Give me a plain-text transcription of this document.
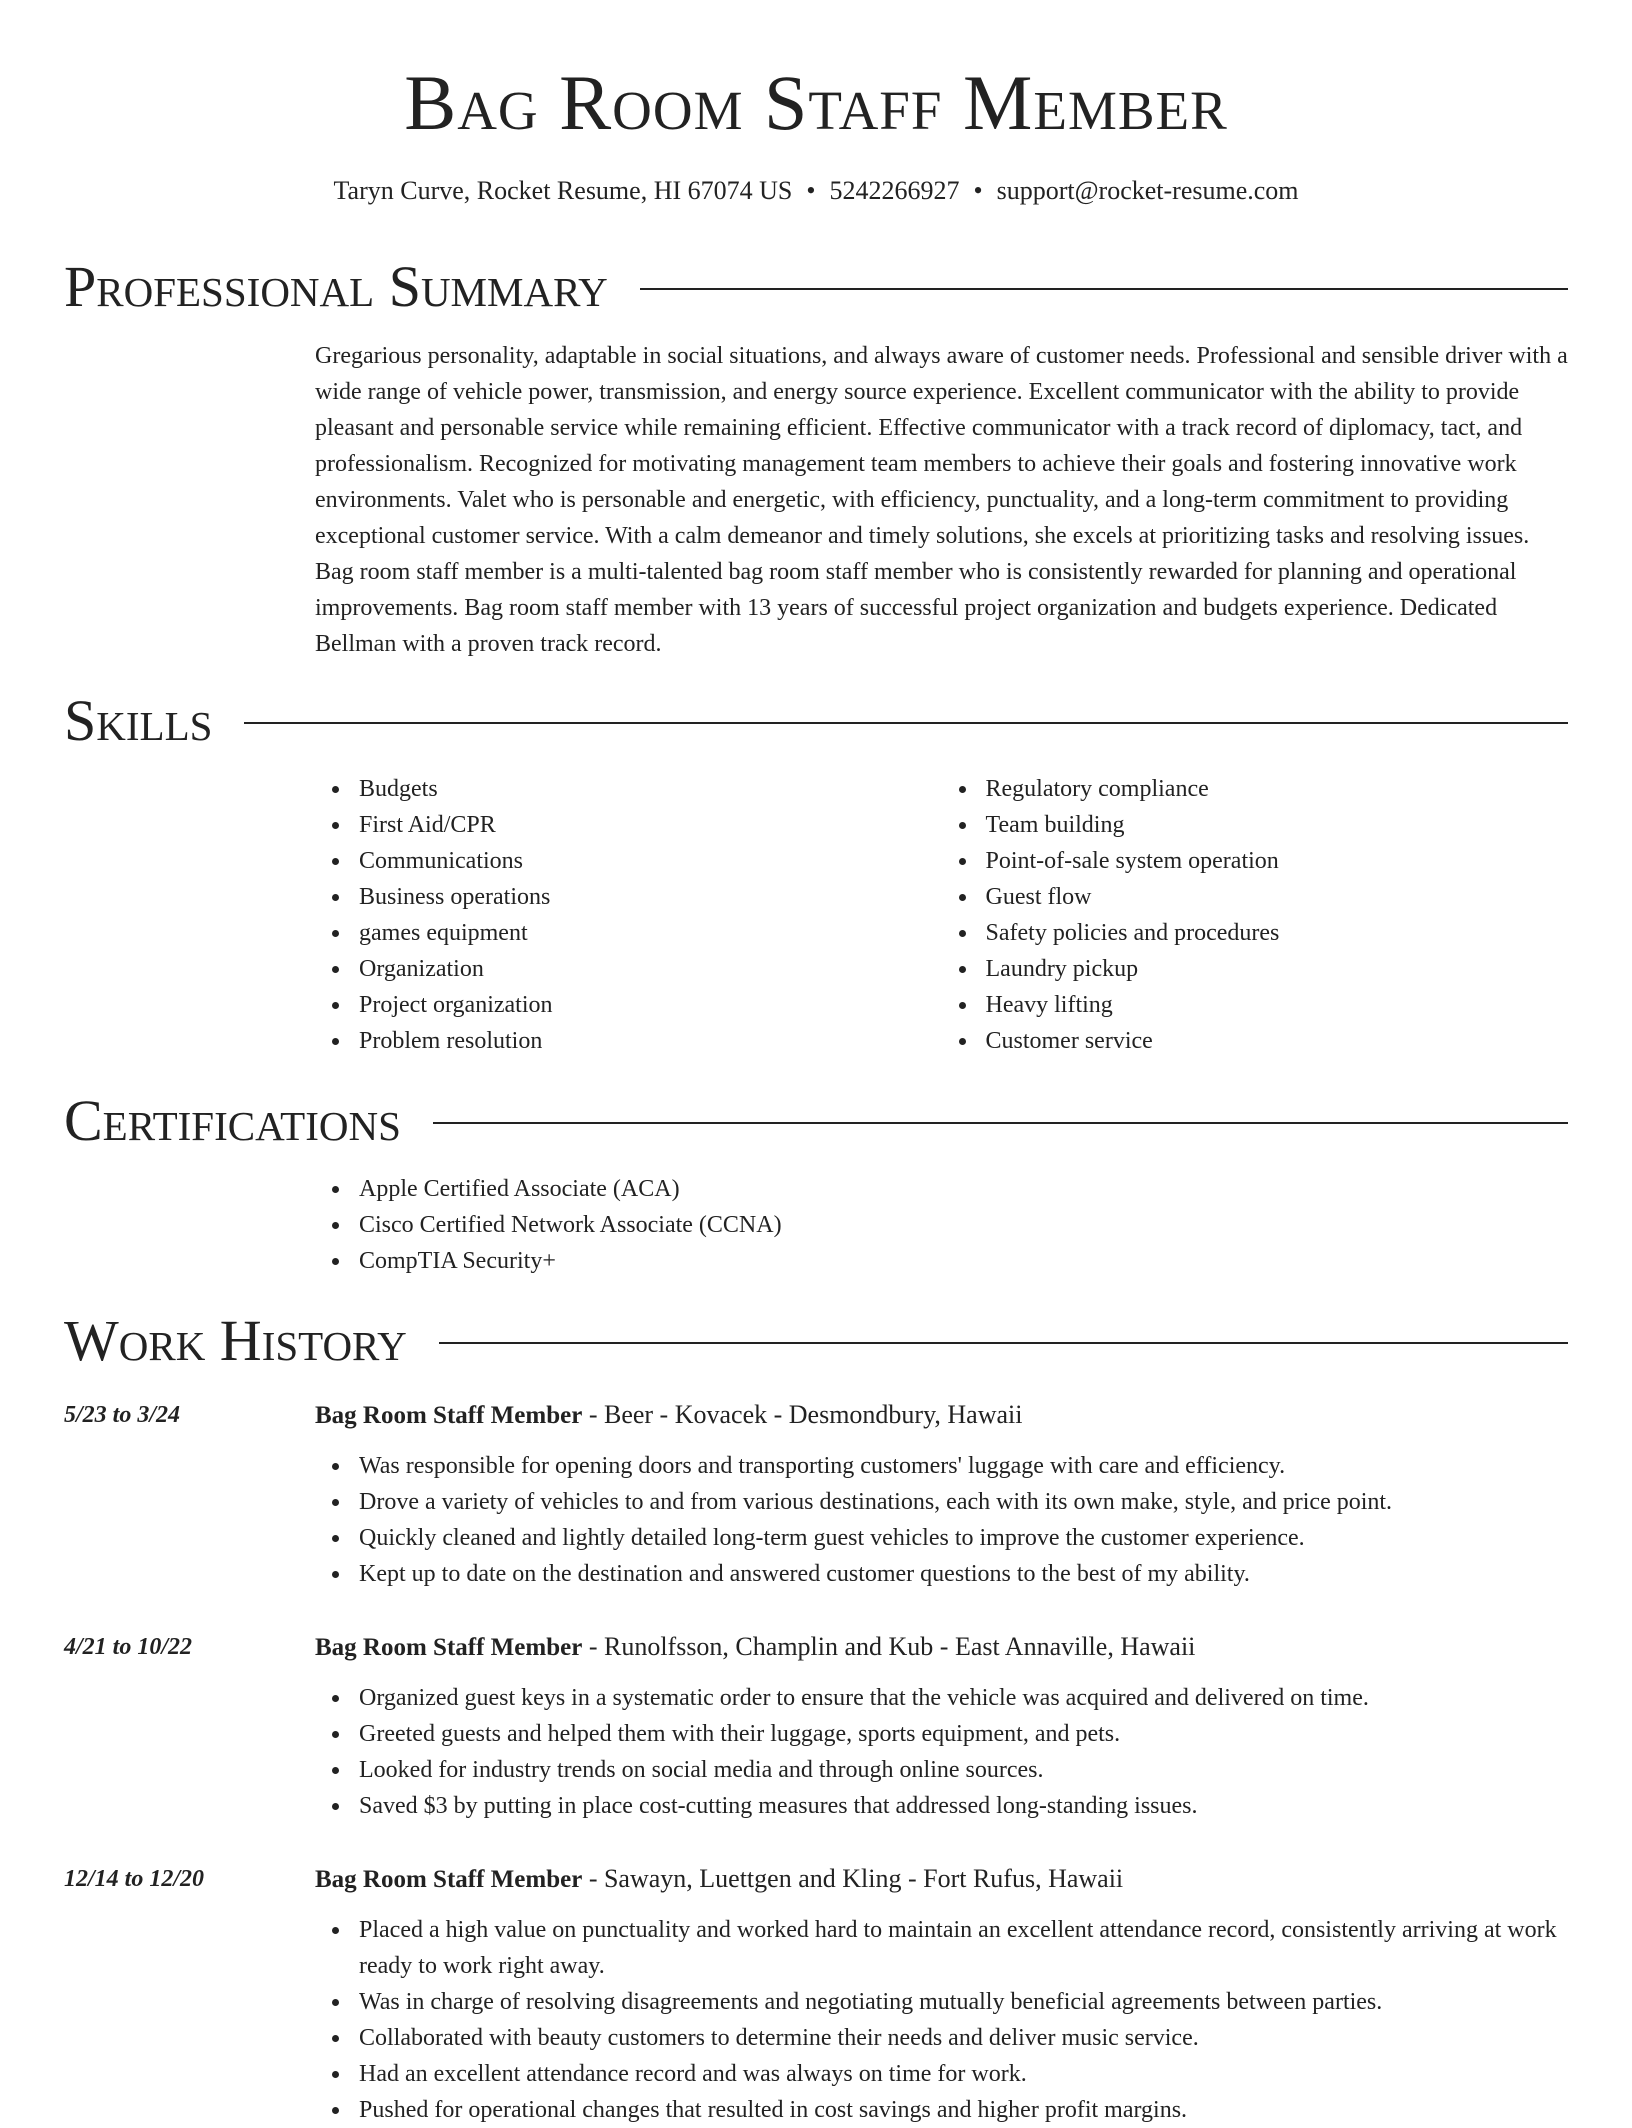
Bag Room Staff Member
Taryn Curve, Rocket Resume, HI 67074 US • 5242266927 • support@rocket-resume.com
Professional Summary

Gregarious personality, adaptable in social situations, and always aware of customer needs. Professional and sensible driver with a wide range of vehicle power, transmission, and energy source experience. Excellent communicator with the ability to provide pleasant and personable service while remaining efficient. Effective communicator with a track record of diplomacy, tact, and professionalism. Recognized for motivating management team members to achieve their goals and fostering innovative work environments. Valet who is personable and energetic, with efficiency, punctuality, and a long-term commitment to providing exceptional customer service. With a calm demeanor and timely solutions, she excels at prioritizing tasks and resolving issues. Bag room staff member is a multi-talented bag room staff member who is consistently rewarded for planning and operational improvements. Bag room staff member with 13 years of successful project organization and budgets experience. Dedicated Bellman with a proven track record.

Skills
Budgets
First Aid/CPR
Communications
Business operations
games equipment
Organization
Project organization
Problem resolution
Regulatory compliance
Team building
Point-of-sale system operation
Guest flow
Safety policies and procedures
Laundry pickup
Heavy lifting
Customer service
Certifications
Apple Certified Associate (ACA)
Cisco Certified Network Associate (CCNA)
CompTIA Security+
Work History
5/23 to 3/24	Bag Room Staff Member - Beer - Kovacek - Desmondbury, Hawaii
Was responsible for opening doors and transporting customers' luggage with care and efficiency.
Drove a variety of vehicles to and from various destinations, each with its own make, style, and price point.
Quickly cleaned and lightly detailed long-term guest vehicles to improve the customer experience.
Kept up to date on the destination and answered customer questions to the best of my ability.
4/21 to 10/22	Bag Room Staff Member - Runolfsson, Champlin and Kub - East Annaville, Hawaii
Organized guest keys in a systematic order to ensure that the vehicle was acquired and delivered on time.
Greeted guests and helped them with their luggage, sports equipment, and pets.
Looked for industry trends on social media and through online sources.
Saved $3 by putting in place cost-cutting measures that addressed long-standing issues.
12/14 to 12/20	Bag Room Staff Member - Sawayn, Luettgen and Kling - Fort Rufus, Hawaii
Placed a high value on punctuality and worked hard to maintain an excellent attendance record, consistently arriving at work ready to work right away.
Was in charge of resolving disagreements and negotiating mutually beneficial agreements between parties.
Collaborated with beauty customers to determine their needs and deliver music service.
Had an excellent attendance record and was always on time for work.
Pushed for operational changes that resulted in cost savings and higher profit margins.
